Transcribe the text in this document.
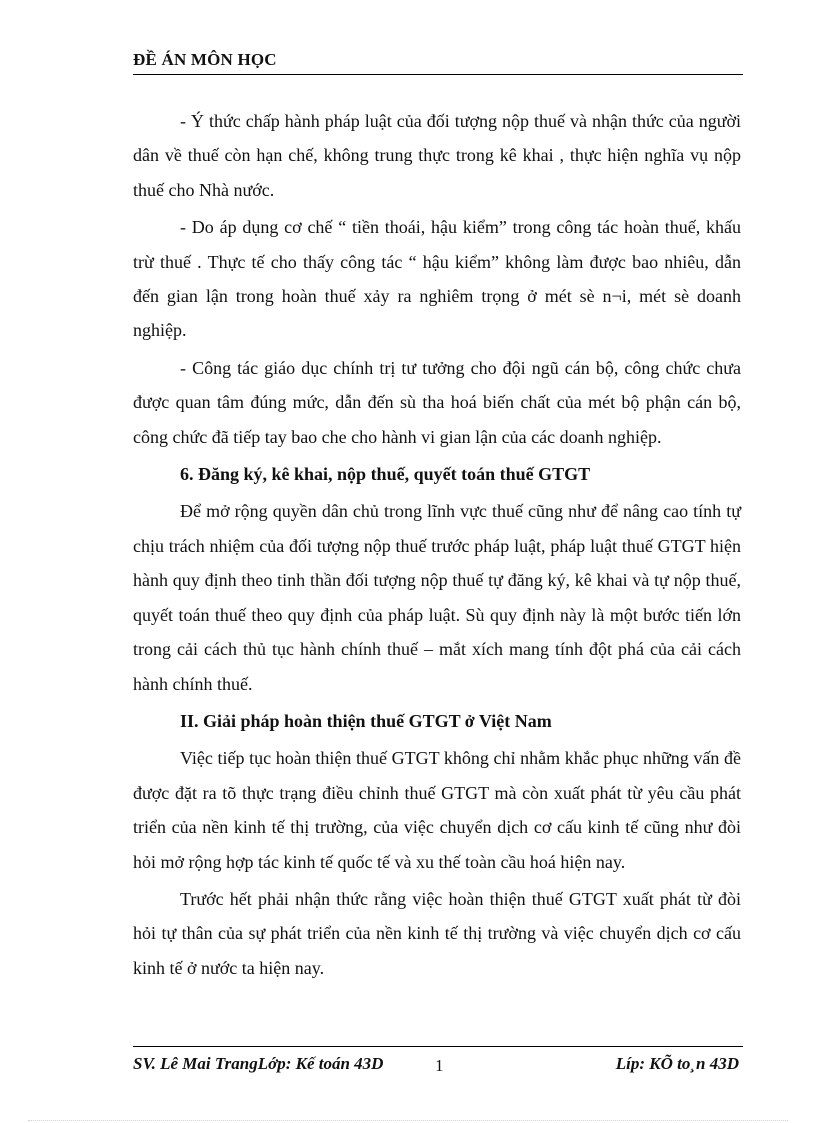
ĐỀ ÁN MÔN HỌC

- Ý thức chấp hành pháp luật của đối tượng nộp thuế và nhận thức của người dân về thuế còn hạn chế, không trung thực trong kê khai , thực hiện nghĩa vụ nộp thuế cho Nhà nước.

- Do áp dụng cơ chế “ tiền thoái, hậu kiểm” trong công tác hoàn thuế, khấu trừ thuế . Thực tế cho thấy công tác “ hậu kiểm” không làm được bao nhiêu, dẫn đến gian lận trong hoàn thuế xảy ra nghiêm trọng ở mét sè n¬i, mét sè doanh nghiệp.

- Công tác giáo dục chính trị tư tưởng cho đội ngũ cán bộ, công chức chưa được quan tâm đúng mức, dẫn đến sù tha hoá biến chất của mét bộ phận cán bộ, công chức đã tiếp tay bao che cho hành vi gian lận của các doanh nghiệp.

6. Đăng ký, kê khai, nộp thuế, quyết toán thuế GTGT

Để mở rộng quyền dân chủ trong lĩnh vực thuế cũng như để nâng cao tính tự chịu trách nhiệm của đối tượng nộp thuế trước pháp luật, pháp luật thuế GTGT hiện hành quy định theo tinh thần đối tượng nộp thuế tự đăng ký, kê khai và tự nộp thuế, quyết toán thuế theo quy định của pháp luật. Sù quy định này là một bước tiến lớn trong cải cách thủ tục hành chính thuế – mắt xích mang tính đột phá của cải cách hành chính thuế.

II. Giải pháp hoàn thiện thuế GTGT ở Việt Nam

Việc tiếp tục hoàn thiện thuế GTGT không chỉ nhằm khắc phục những vấn đề được đặt ra tõ thực trạng điều chỉnh thuế GTGT mà còn xuất phát từ yêu cầu phát triển của nền kinh tế thị trường, của việc chuyển dịch cơ cấu kinh tế cũng như đòi hỏi mở rộng hợp tác kinh tế quốc tế và xu thế toàn cầu hoá hiện nay.

Trước hết phải nhận thức rằng việc hoàn thiện thuế GTGT xuất phát từ đòi hỏi tự thân của sự phát triển của nền kinh tế thị trường và việc chuyển dịch cơ cấu kinh tế ở nước ta hiện nay.

SV. Lê Mai TrangLớp: Kế toán 43D	1	Líp: KÕ to¸n 43D
